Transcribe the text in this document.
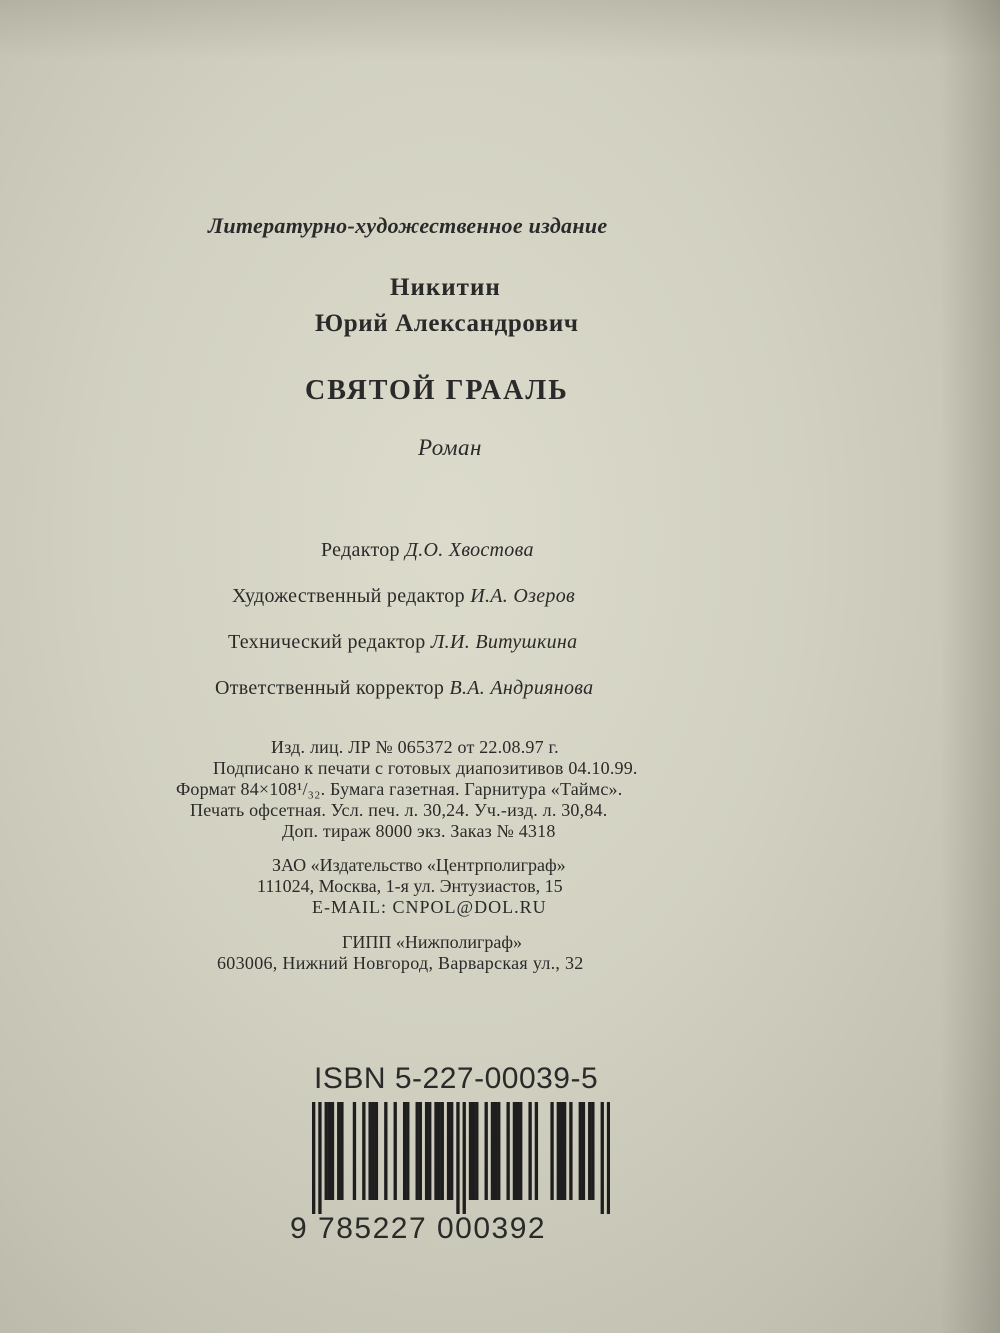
Литературно-художественное издание
Никитин
Юрий Александрович
СВЯТОЙ ГРААЛЬ
Роман
Редактор Д.О. Хвостова
Художественный редактор И.А. Озеров
Технический редактор Л.И. Витушкина
Ответственный корректор В.А. Андриянова
Изд. лиц. ЛР № 065372 от 22.08.97 г.
Подписано к печати с готовых диапозитивов 04.10.99.
Формат 84×108¹/₃₂. Бумага газетная. Гарнитура «Таймс».
Печать офсетная. Усл. печ. л. 30,24. Уч.-изд. л. 30,84.
Доп. тираж 8000 экз. Заказ № 4318
ЗАО «Издательство «Центрполиграф»
111024, Москва, 1-я ул. Энтузиастов, 15
E-MAIL: CNPOL@DOL.RU
ГИПП «Нижполиграф»
603006, Нижний Новгород, Варварская ул., 32
ISBN 5-227-00039-5
9 785227 000392
